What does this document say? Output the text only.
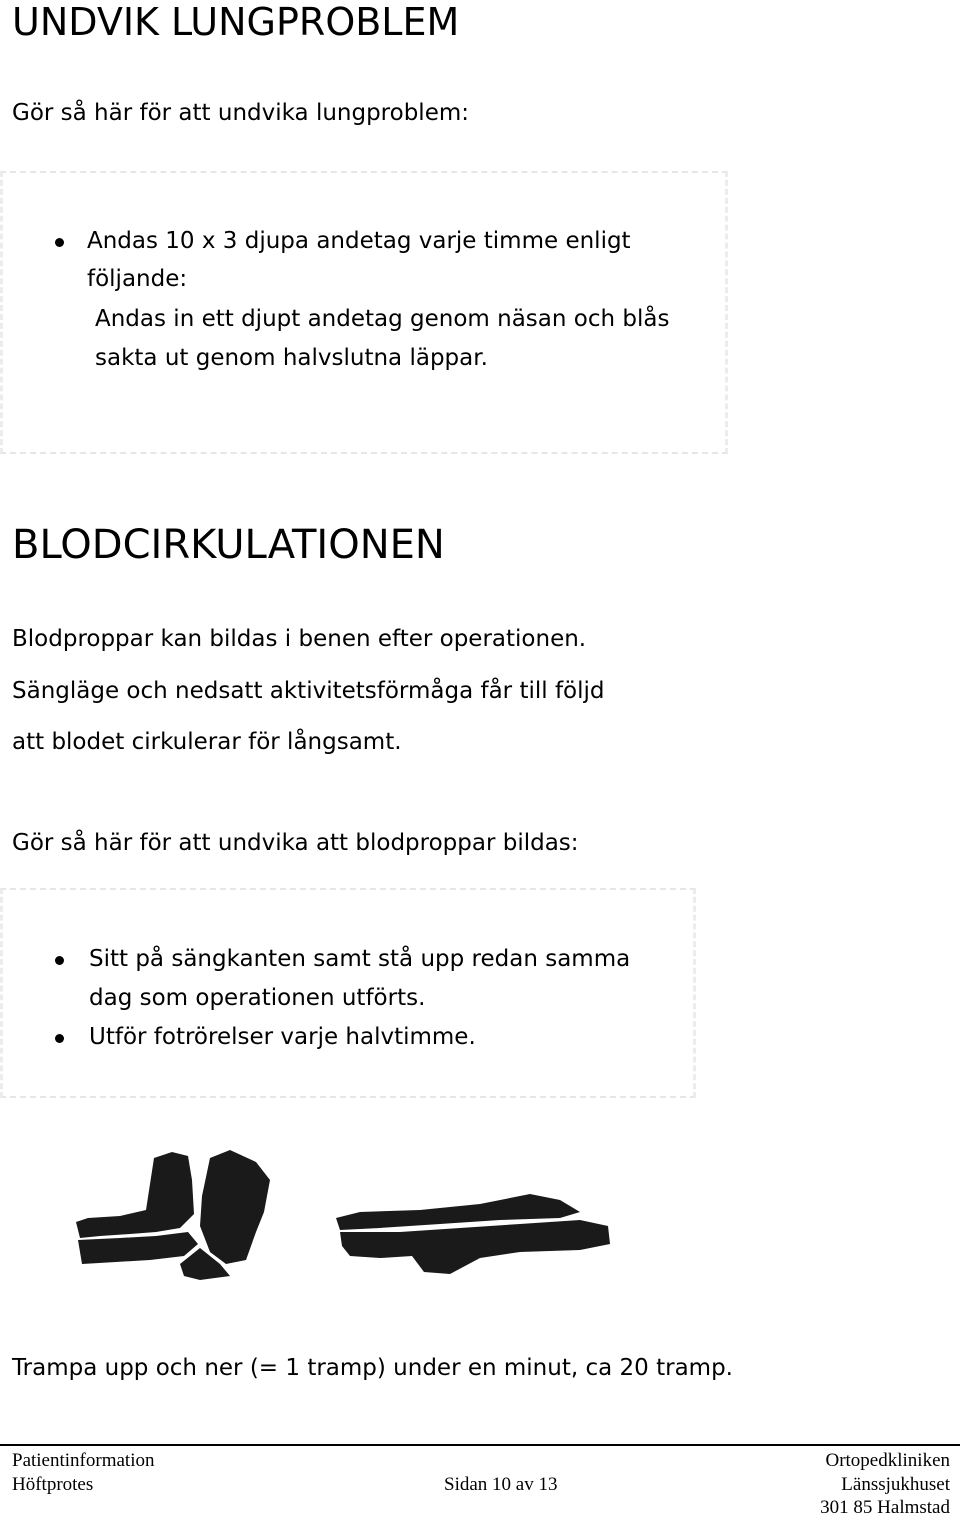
UNDVIK LUNGPROBLEM
Gör så här för att undvika lungproblem:
Andas 10 x 3 djupa andetag varje timme enligt
följande:
Andas in ett djupt andetag genom näsan och blås
sakta ut genom halvslutna läppar.
BLODCIRKULATIONEN
Blodproppar kan bildas i benen efter operationen.
Sängläge och nedsatt aktivitetsförmåga får till följd
att blodet cirkulerar för långsamt.
Gör så här för att undvika att blodproppar bildas:
Sitt på sängkanten samt stå upp redan samma
dag som operationen utförts.
Utför fotrörelser varje halvtimme.
Trampa upp och ner (= 1 tramp) under en minut, ca 20 tramp.
Patientinformation
Höftprotes	Sidan 10 av 13
Ortopedkliniken
Länssjukhuset
301 85 Halmstad
